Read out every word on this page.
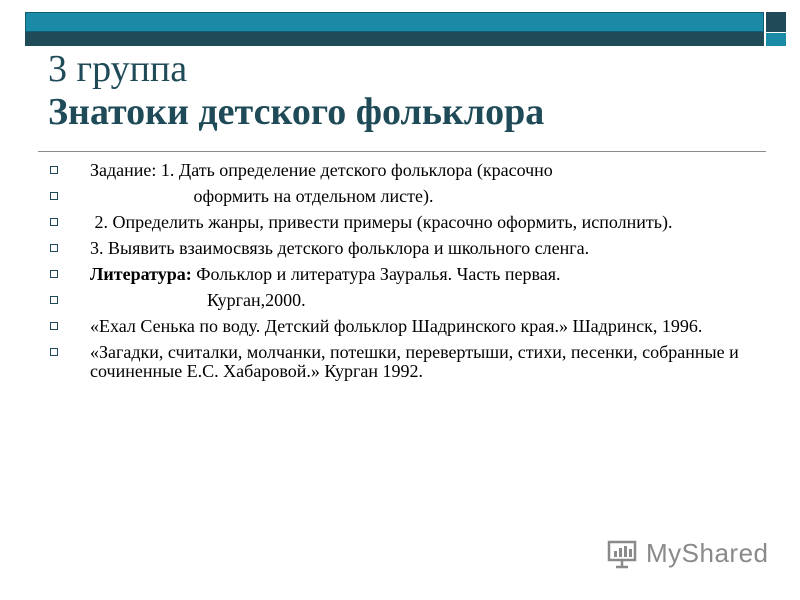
3 группа
Знатоки детского фольклора
Задание: 1. Дать определение детского фольклора (красочно
оформить на отдельном листе).
2. Определить жанры, привести примеры (красочно оформить, исполнить).
3. Выявить взаимосвязь детского фольклора и школьного сленга.
Литература: Фольклор и литература Зауралья. Часть первая.
Курган,2000.
«Ехал Сенька по воду. Детский фольклор Шадринского края.» Шадринск, 1996.
«Загадки, считалки, молчанки, потешки, перевертыши, стихи, песенки, собранные и сочиненные Е.С. Хабаровой.» Курган 1992.
MyShared
